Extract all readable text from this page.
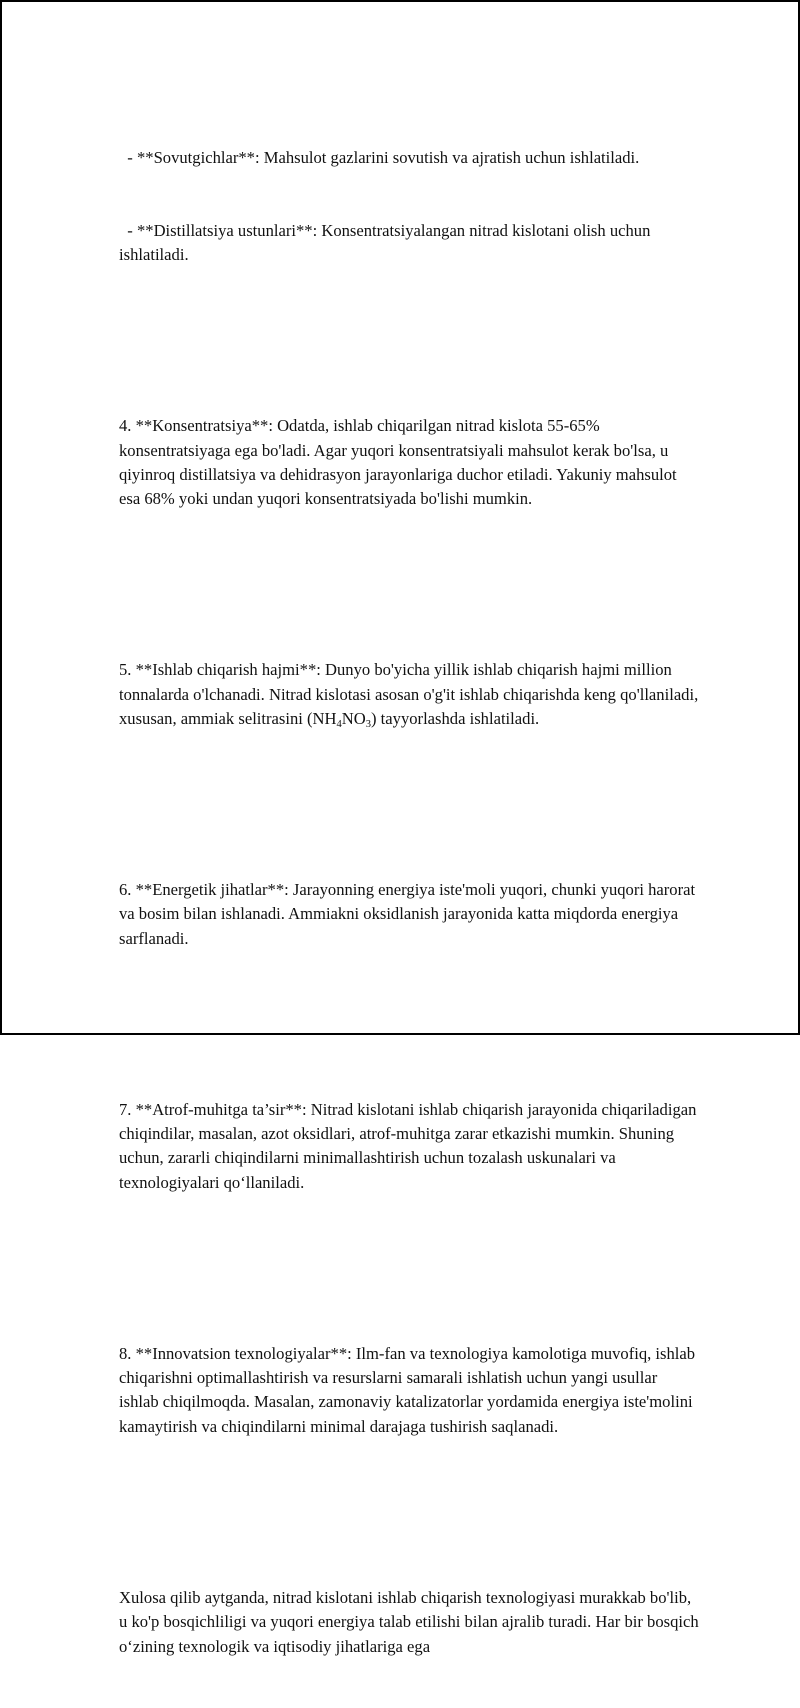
- **Sovutgichlar**: Mahsulot gazlarini sovutish va ajratish uchun ishlatiladi.

- **Distillatsiya ustunlari**: Konsentratsiyalangan nitrad kislotani olish uchun ishlatiladi.

4. **Konsentratsiya**: Odatda, ishlab chiqarilgan nitrad kislota 55-65% konsentratsiyaga ega bo'ladi. Agar yuqori konsentratsiyali mahsulot kerak bo'lsa, u qiyinroq distillatsiya va dehidrasyon jarayonlariga duchor etiladi. Yakuniy mahsulot esa 68% yoki undan yuqori konsentratsiyada bo'lishi mumkin.

5. **Ishlab chiqarish hajmi**: Dunyo bo'yicha yillik ishlab chiqarish hajmi million tonnalarda o'lchanadi. Nitrad kislotasi asosan o'g'it ishlab chiqarishda keng qo'llaniladi, xususan, ammiak selitrasini $(NH_4NO_3)$ tayyorlashda ishlatiladi.

6. **Energetik jihatlar**: Jarayonning energiya iste'moli yuqori, chunki yuqori harorat va bosim bilan ishlanadi. Ammiakni oksidlanish jarayonida katta miqdorda energiya sarflanadi.

7. **Atrof-muhitga ta’sir**: Nitrad kislotani ishlab chiqarish jarayonida chiqariladigan chiqindilar, masalan, azot oksidlari, atrof-muhitga zarar etkazishi mumkin. Shuning uchun, zararli chiqindilarni minimallashtirish uchun tozalash uskunalari va texnologiyalari qo‘llaniladi.

8. **Innovatsion texnologiyalar**: Ilm-fan va texnologiya kamolotiga muvofiq, ishlab chiqarishni optimallashtirish va resurslarni samarali ishlatish uchun yangi usullar ishlab chiqilmoqda. Masalan, zamonaviy katalizatorlar yordamida energiya iste'molini kamaytirish va chiqindilarni minimal darajaga tushirish saqlanadi.

Xulosa qilib aytganda, nitrad kislotani ishlab chiqarish texnologiyasi murakkab bo'lib, u ko'p bosqichliligi va yuqori energiya talab etilishi bilan ajralib turadi. Har bir bosqich o‘zining texnologik va iqtisodiy jihatlariga ega
